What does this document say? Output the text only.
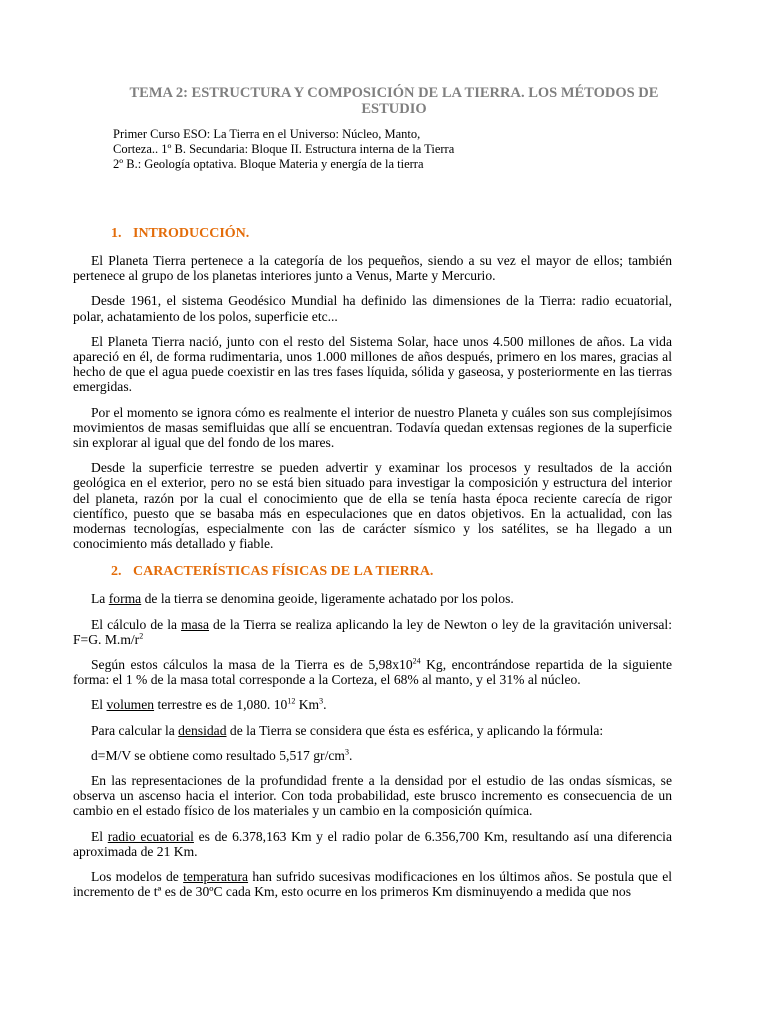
TEMA 2: ESTRUCTURA Y COMPOSICIÓN DE LA TIERRA. LOS MÉTODOS DE ESTUDIO
Primer Curso ESO: La Tierra en el Universo: Núcleo, Manto,
Corteza.. 1º B. Secundaria: Bloque II. Estructura interna de la Tierra
2º B.: Geología optativa. Bloque Materia y energía de la tierra
1. INTRODUCCIÓN.

El Planeta Tierra pertenece a la categoría de los pequeños, siendo a su vez el mayor de ellos; también pertenece al grupo de los planetas interiores junto a Venus, Marte y Mercurio.

Desde 1961, el sistema Geodésico Mundial ha definido las dimensiones de la Tierra: radio ecuatorial, polar, achatamiento de los polos, superficie etc...

El Planeta Tierra nació, junto con el resto del Sistema Solar, hace unos 4.500 millones de años. La vida apareció en él, de forma rudimentaria, unos 1.000 millones de años después, primero en los mares, gracias al hecho de que el agua puede coexistir en las tres fases líquida, sólida y gaseosa, y posteriormente en las tierras emergidas.

Por el momento se ignora cómo es realmente el interior de nuestro Planeta y cuáles son sus complejísimos movimientos de masas semifluidas que allí se encuentran. Todavía quedan extensas regiones de la superficie sin explorar al igual que del fondo de los mares.

Desde la superficie terrestre se pueden advertir y examinar los procesos y resultados de la acción geológica en el exterior, pero no se está bien situado para investigar la composición y estructura del interior del planeta, razón por la cual el conocimiento que de ella se tenía hasta época reciente carecía de rigor científico, puesto que se basaba más en especulaciones que en datos objetivos. En la actualidad, con las modernas tecnologías, especialmente con las de carácter sísmico y los satélites, se ha llegado a un conocimiento más detallado y fiable.

2. CARACTERÍSTICAS FÍSICAS DE LA TIERRA.

La forma de la tierra se denomina geoide, ligeramente achatado por los polos.

El cálculo de la masa de la Tierra se realiza aplicando la ley de Newton o ley de la gravitación universal: F=G. $M.m/r^2$

Según estos cálculos la masa de la Tierra es de $5,98x10^{24}$ Kg, encontrándose repartida de la siguiente forma: el 1 % de la masa total corresponde a la Corteza, el 68% al manto, y el 31% al núcleo.

El volumen terrestre es de 1,080. $10^{12}$ Km$^3$.

Para calcular la densidad de la Tierra se considera que ésta es esférica, y aplicando la fórmula:

d=M/V se obtiene como resultado 5,517 $gr/cm^3$.

En las representaciones de la profundidad frente a la densidad por el estudio de las ondas sísmicas, se observa un ascenso hacia el interior. Con toda probabilidad, este brusco incremento es consecuencia de un cambio en el estado físico de los materiales y un cambio en la composición química.

El radio ecuatorial es de 6.378,163 Km y el radio polar de 6.356,700 Km, resultando así una diferencia aproximada de 21 Km.

Los modelos de temperatura han sufrido sucesivas modificaciones en los últimos años. Se postula que el incremento de tª es de 30ºC cada Km, esto ocurre en los primeros Km disminuyendo a medida que nos
